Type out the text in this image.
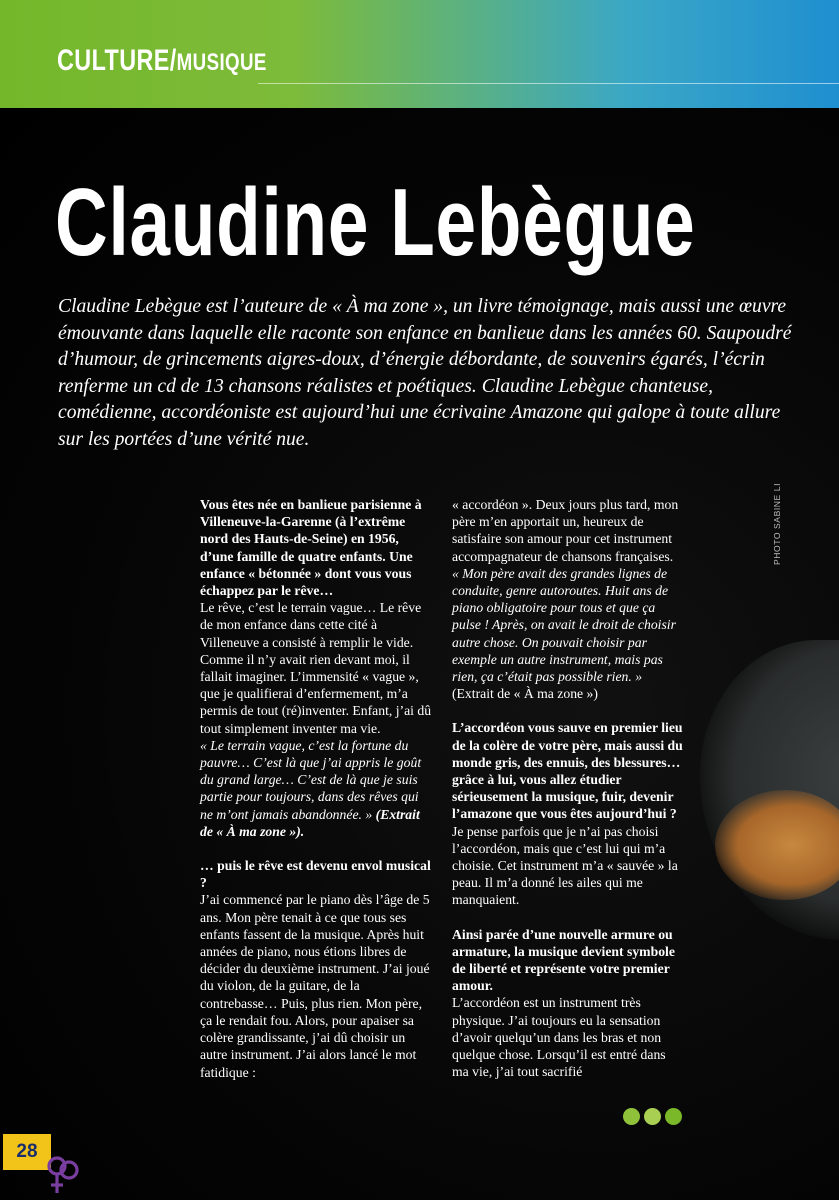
CULTURE/MUSIQUE
Claudine Lebègue

Claudine Lebègue est l’auteure de « À ma zone », un livre témoignage, mais aussi une œuvre émouvante dans laquelle elle raconte son enfance en banlieue dans les années 60. Saupoudré d’humour, de grincements aigres-doux, d’énergie débordante, de souvenirs égarés, l’écrin renferme un cd de 13 chansons réalistes et poétiques. Claudine Lebègue chanteuse, comédienne, accordéoniste est aujourd’hui une écrivaine Amazone qui galope à toute allure sur les portées d’une vérité nue.

Vous êtes née en banlieue parisienne à Villeneuve-la-Garenne (à l’extrême nord des Hauts-de-Seine) en 1956, d’une famille de quatre enfants. Une enfance « bétonnée » dont vous vous échappez par le rêve…

Le rêve, c’est le terrain vague… Le rêve de mon enfance dans cette cité à Villeneuve a consisté à remplir le vide. Comme il n’y avait rien devant moi, il fallait imaginer. L’immensité « vague », que je qualifierai d’enfermement, m’a permis de tout (ré)inventer. Enfant, j’ai dû tout simplement inventer ma vie.

« Le terrain vague, c’est la fortune du pauvre… C’est là que j’ai appris le goût du grand large… C’est de là que je suis partie pour toujours, dans des rêves qui ne m’ont jamais abandonnée. » (Extrait de « À ma zone »).

… puis le rêve est devenu envol musical ?

J’ai commencé par le piano dès l’âge de 5 ans. Mon père tenait à ce que tous ses enfants fassent de la musique. Après huit années de piano, nous étions libres de décider du deuxième instrument. J’ai joué du violon, de la guitare, de la contrebasse… Puis, plus rien. Mon père, ça le rendait fou. Alors, pour apaiser sa colère grandissante, j’ai dû choisir un autre instrument. J’ai alors lancé le mot fatidique :

« accordéon ». Deux jours plus tard, mon père m’en apportait un, heureux de satisfaire son amour pour cet instrument accompagnateur de chansons françaises.

« Mon père avait des grandes lignes de conduite, genre autoroutes. Huit ans de piano obligatoire pour tous et que ça pulse ! Après, on avait le droit de choisir autre chose. On pouvait choisir par exemple un autre instrument, mais pas rien, ça c’était pas possible rien. »

(Extrait de « À ma zone »)

L’accordéon vous sauve en premier lieu de la colère de votre père, mais aussi du monde gris, des ennuis, des blessures… grâce à lui, vous allez étudier sérieusement la musique, fuir, devenir l’amazone que vous êtes aujourd’hui ?

Je pense parfois que je n’ai pas choisi l’accordéon, mais que c’est lui qui m’a choisie. Cet instrument m’a « sauvée » la peau. Il m’a donné les ailes qui me manquaient.

Ainsi parée d’une nouvelle armure ou armature, la musique devient symbole de liberté et représente votre premier amour.

L’accordéon est un instrument très physique. J’ai toujours eu la sensation d’avoir quelqu’un dans les bras et non quelque chose. Lorsqu’il est entré dans ma vie, j’ai tout sacrifié

PHOTO SABINE LI
28
